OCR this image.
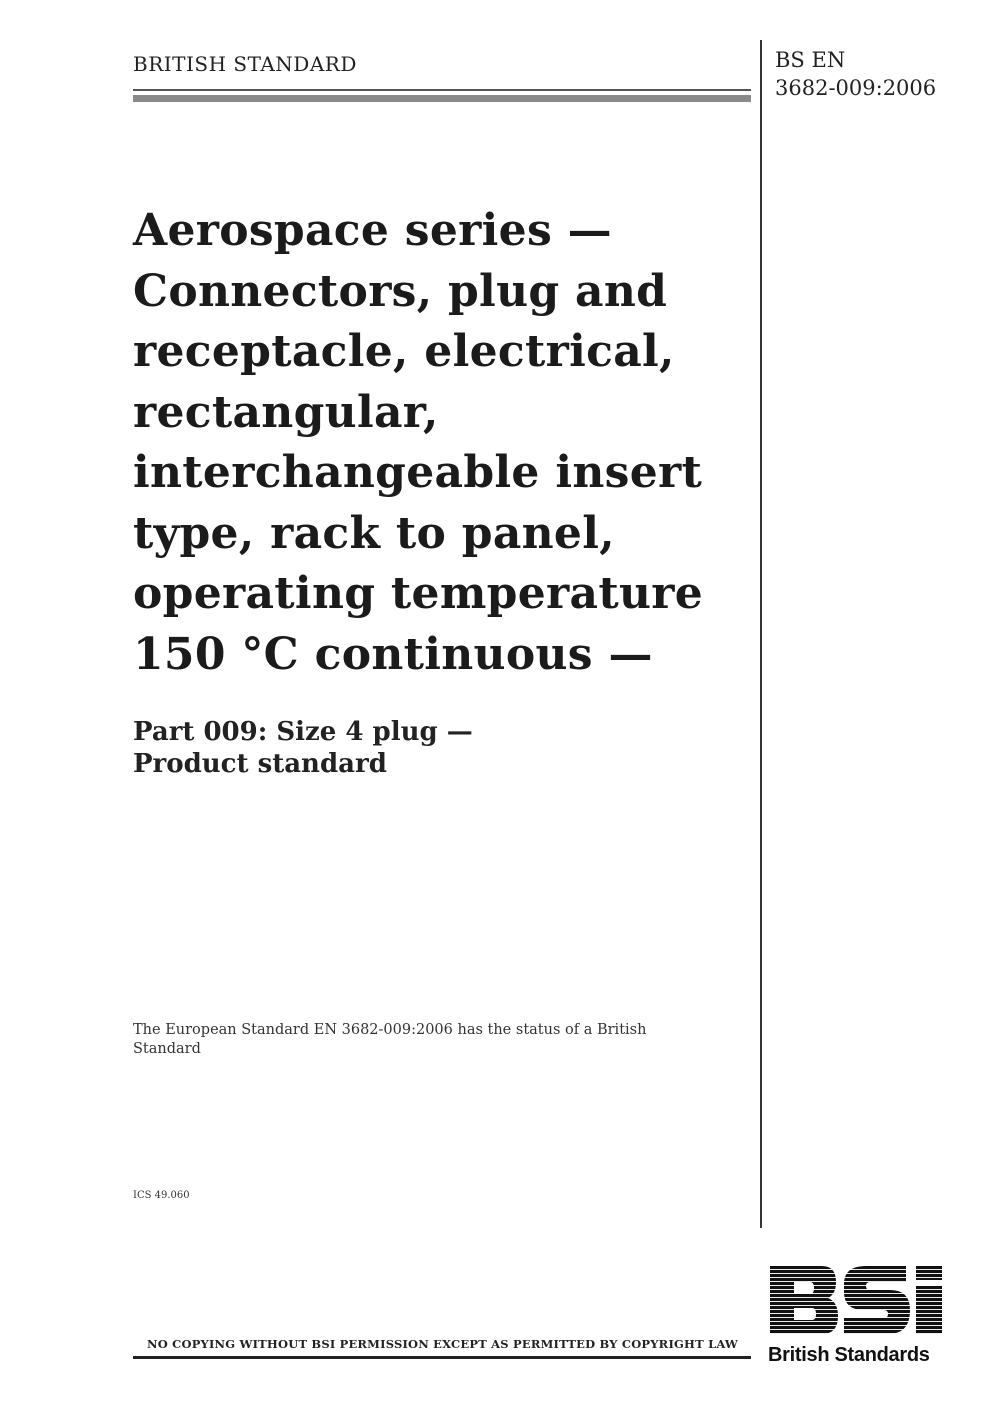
BRITISH STANDARD	BS EN
3682-009:2006
Aerospace series —
Connectors, plug and
receptacle, electrical,
rectangular,
interchangeable insert
type, rack to panel,
operating temperature
150 °C continuous —
Part 009: Size 4 plug —
Product standard
The European Standard EN 3682-009:2006 has the status of a British Standard
ICS 49.060
NO COPYING WITHOUT BSI PERMISSION EXCEPT AS PERMITTED BY COPYRIGHT LAW	British Standards
